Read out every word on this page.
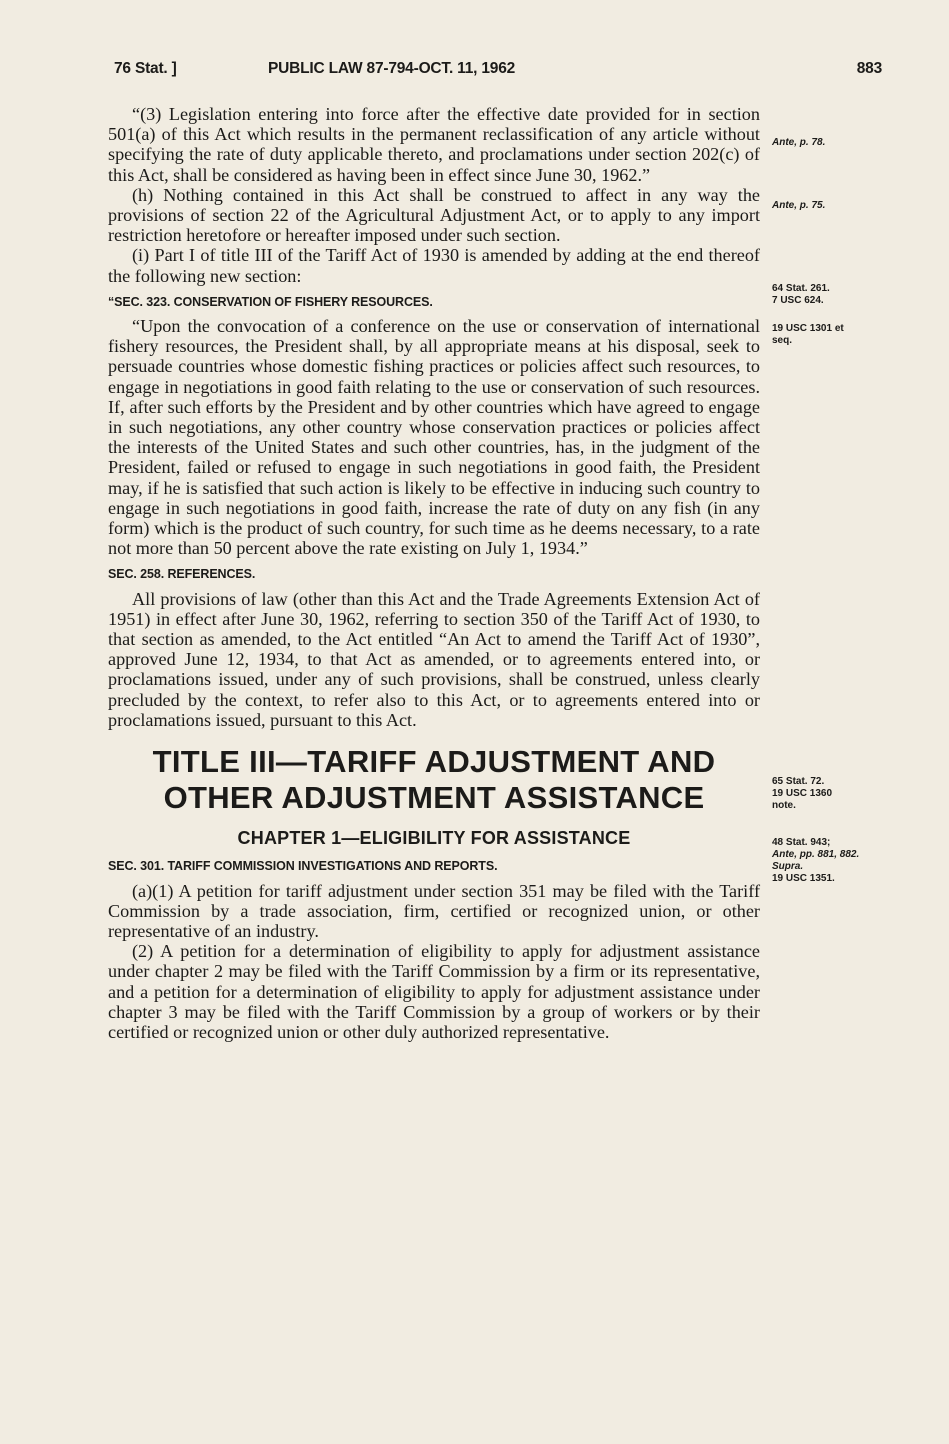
76 Stat. ]	PUBLIC LAW 87-794-OCT. 11, 1962	883

“(3) Legislation entering into force after the effective date provided for in section 501(a) of this Act which results in the permanent reclassification of any article without specifying the rate of duty applicable thereto, and proclamations under section 202(c) of this Act, shall be considered as having been in effect since June 30, 1962.”

(h) Nothing contained in this Act shall be construed to affect in any way the provisions of section 22 of the Agricultural Adjustment Act, or to apply to any import restriction heretofore or hereafter imposed under such section.

(i) Part I of title III of the Tariff Act of 1930 is amended by adding at the end thereof the following new section:

“SEC. 323. CONSERVATION OF FISHERY RESOURCES.

“Upon the convocation of a conference on the use or conservation of international fishery resources, the President shall, by all appropriate means at his disposal, seek to persuade countries whose domestic fishing practices or policies affect such resources, to engage in negotiations in good faith relating to the use or conservation of such resources. If, after such efforts by the President and by other countries which have agreed to engage in such negotiations, any other country whose conservation practices or policies affect the interests of the United States and such other countries, has, in the judgment of the President, failed or refused to engage in such negotiations in good faith, the President may, if he is satisfied that such action is likely to be effective in inducing such country to engage in such negotiations in good faith, increase the rate of duty on any fish (in any form) which is the product of such country, for such time as he deems necessary, to a rate not more than 50 percent above the rate existing on July 1, 1934.”

SEC. 258. REFERENCES.

All provisions of law (other than this Act and the Trade Agreements Extension Act of 1951) in effect after June 30, 1962, referring to section 350 of the Tariff Act of 1930, to that section as amended, to the Act entitled “An Act to amend the Tariff Act of 1930”, approved June 12, 1934, to that Act as amended, or to agreements entered into, or proclamations issued, under any of such provisions, shall be construed, unless clearly precluded by the context, to refer also to this Act, or to agreements entered into or proclamations issued, pursuant to this Act.

TITLE III—TARIFF ADJUSTMENT AND
OTHER ADJUSTMENT ASSISTANCE

CHAPTER 1—ELIGIBILITY FOR ASSISTANCE

SEC. 301. TARIFF COMMISSION INVESTIGATIONS AND REPORTS.

(a)(1) A petition for tariff adjustment under section 351 may be filed with the Tariff Commission by a trade association, firm, certified or recognized union, or other representative of an industry.

(2) A petition for a determination of eligibility to apply for adjustment assistance under chapter 2 may be filed with the Tariff Commission by a firm or its representative, and a petition for a determination of eligibility to apply for adjustment assistance under chapter 3 may be filed with the Tariff Commission by a group of workers or by their certified or recognized union or other duly authorized representative.

Ante, p. 78.
Ante, p. 75.
64 Stat. 261.
7 USC 624.
19 USC 1301 et
seq.
65 Stat. 72.
19 USC 1360
note.
48 Stat. 943;
Ante, pp. 881, 882.
Supra.
19 USC 1351.
